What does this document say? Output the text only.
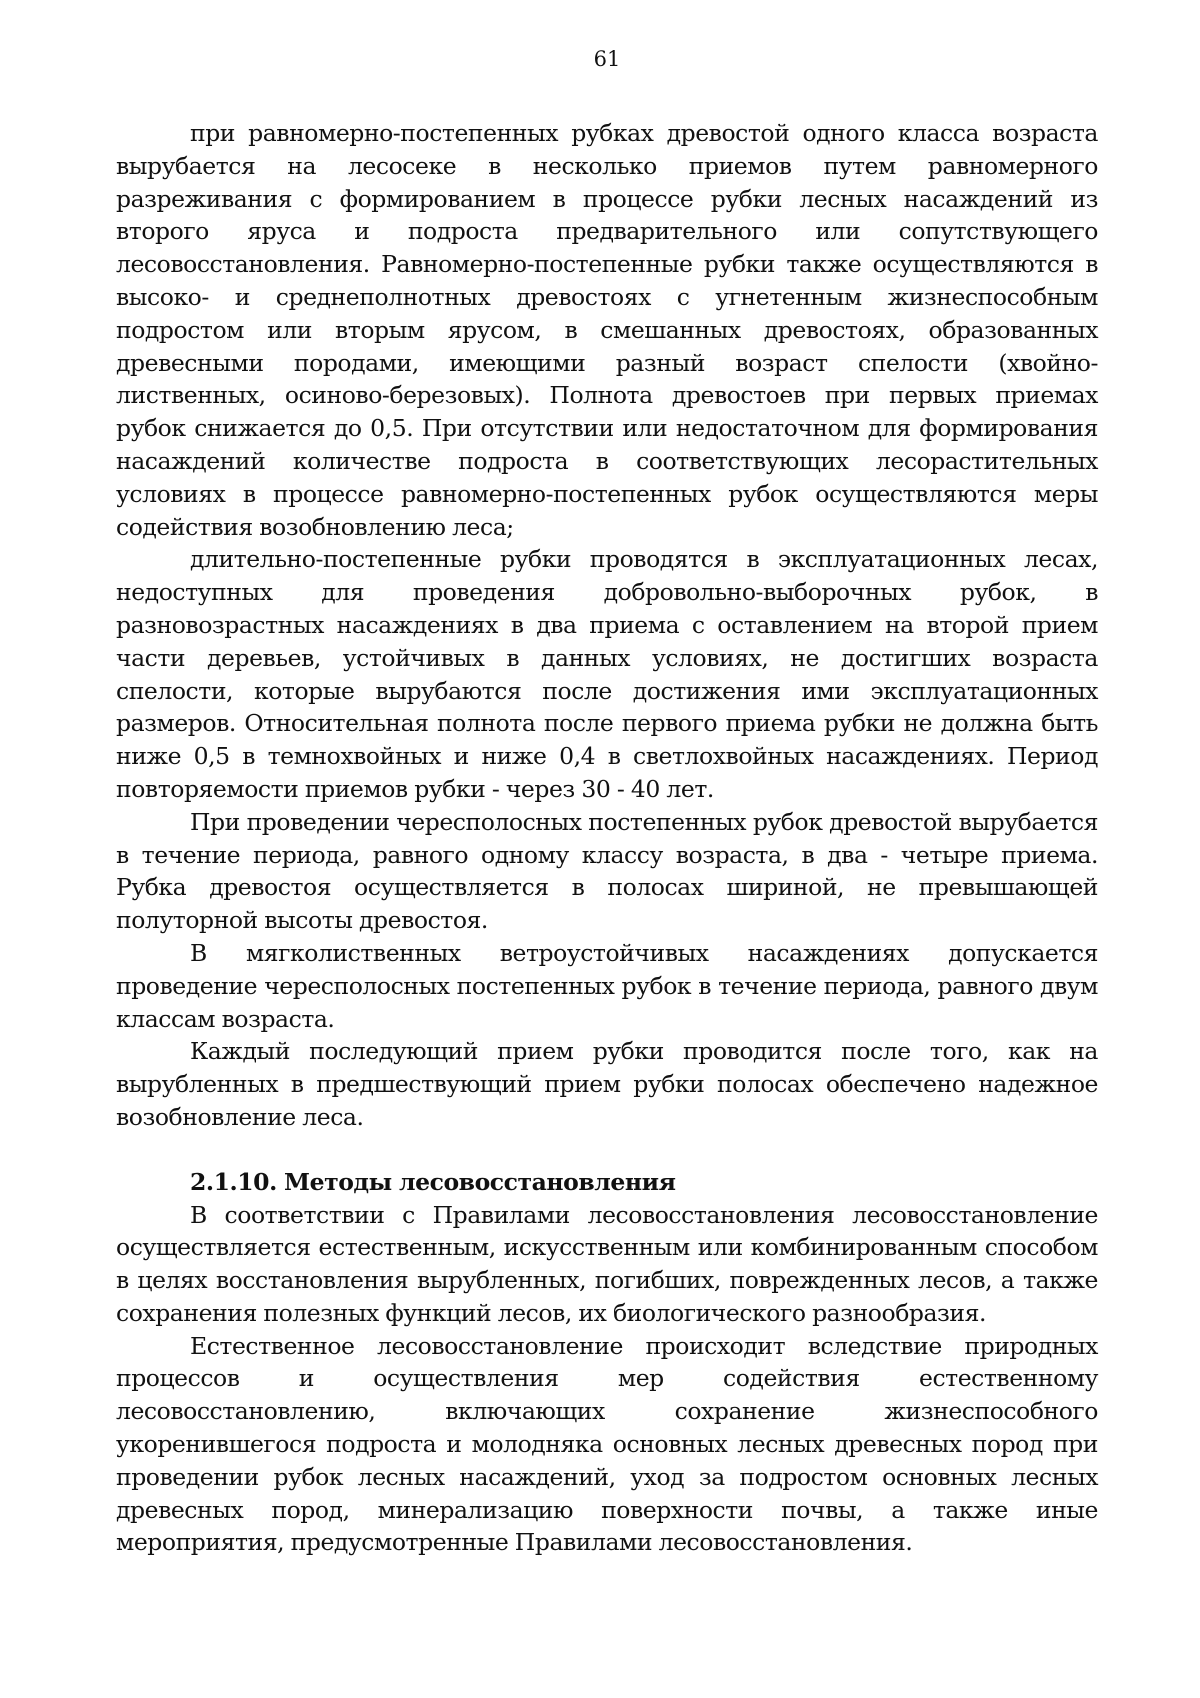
61

при равномерно-постепенных рубках древостой одного класса возраста вырубается на лесосеке в несколько приемов путем равномерного разреживания с формированием в процессе рубки лесных насаждений из второго яруса и подроста предварительного или сопутствующего лесовосстановления. Равномерно-постепенные рубки также осуществляются в высоко- и среднеполнотных древостоях с угнетенным жизнеспособным подростом или вторым ярусом, в смешанных древостоях, образованных древесными породами, имеющими разный возраст спелости (хвойно-лиственных, осиново-березовых). Полнота древостоев при первых приемах рубок снижается до 0,5. При отсутствии или недостаточном для формирования насаждений количестве подроста в соответствующих лесорастительных условиях в процессе равномерно-постепенных рубок осуществляются меры содействия возобновлению леса;

длительно-постепенные рубки проводятся в эксплуатационных лесах, недоступных для проведения добровольно-выборочных рубок, в разновозрастных насаждениях в два приема с оставлением на второй прием части деревьев, устойчивых в данных условиях, не достигших возраста спелости, которые вырубаются после достижения ими эксплуатационных размеров. Относительная полнота после первого приема рубки не должна быть ниже 0,5 в темнохвойных и ниже 0,4 в светлохвойных насаждениях. Период повторяемости приемов рубки - через 30 - 40 лет.

При проведении чересполосных постепенных рубок древостой вырубается в течение периода, равного одному классу возраста, в два - четыре приема. Рубка древостоя осуществляется в полосах шириной, не превышающей полуторной высоты древостоя.

В мягколиственных ветроустойчивых насаждениях допускается проведение чересполосных постепенных рубок в течение периода, равного двум классам возраста.

Каждый последующий прием рубки проводится после того, как на вырубленных в предшествующий прием рубки полосах обеспечено надежное возобновление леса.

2.1.10. Методы лесовосстановления

В соответствии с Правилами лесовосстановления лесовосстановление осуществляется естественным, искусственным или комбинированным способом в целях восстановления вырубленных, погибших, поврежденных лесов, а также сохранения полезных функций лесов, их биологического разнообразия.

Естественное лесовосстановление происходит вследствие природных процессов и осуществления мер содействия естественному лесовосстановлению, включающих сохранение жизнеспособного укоренившегося подроста и молодняка основных лесных древесных пород при проведении рубок лесных насаждений, уход за подростом основных лесных древесных пород, минерализацию поверхности почвы, а также иные мероприятия, предусмотренные Правилами лесовосстановления.
